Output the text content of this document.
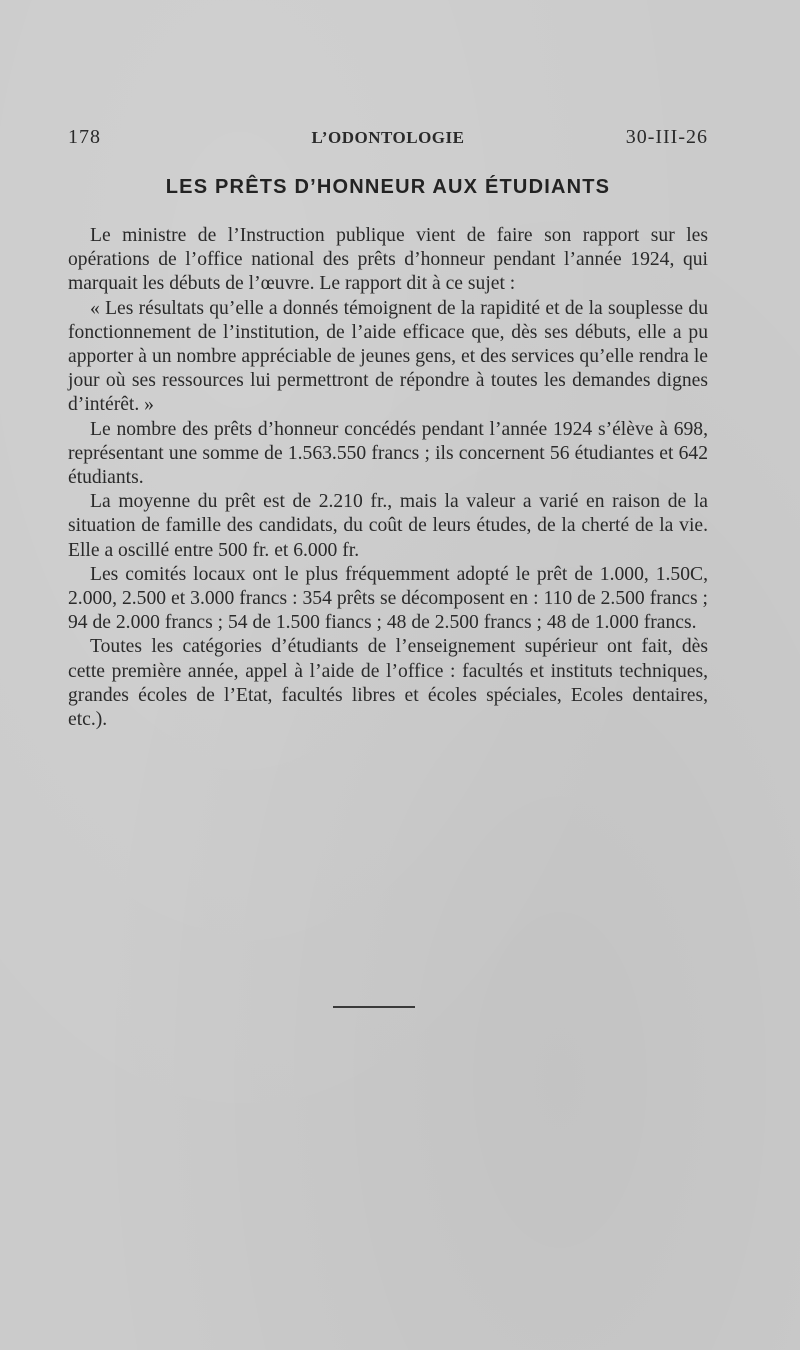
178	L’ODONTOLOGIE	30-III-26
LES PRÊTS D’HONNEUR AUX ÉTUDIANTS

Le ministre de l’Instruction publique vient de faire son rapport sur les opérations de l’office national des prêts d’honneur pendant l’année 1924, qui marquait les débuts de l’œuvre. Le rapport dit à ce sujet :

« Les résultats qu’elle a donnés témoignent de la rapidité et de la souplesse du fonctionnement de l’institution, de l’aide efficace que, dès ses débuts, elle a pu apporter à un nombre appréciable de jeunes gens, et des services qu’elle rendra le jour où ses ressources lui permettront de répondre à toutes les demandes dignes d’intérêt. »

Le nombre des prêts d’honneur concédés pendant l’année 1924 s’élève à 698, représentant une somme de 1.563.550 francs ; ils concernent 56 étudiantes et 642 étudiants.

La moyenne du prêt est de 2.210 fr., mais la valeur a varié en raison de la situation de famille des candidats, du coût de leurs études, de la cherté de la vie. Elle a oscillé entre 500 fr. et 6.000 fr.

Les comités locaux ont le plus fréquemment adopté le prêt de 1.000, 1.50C, 2.000, 2.500 et 3.000 francs : 354 prêts se décomposent en : 110 de 2.500 francs ; 94 de 2.000 francs ; 54 de 1.500 fiancs ; 48 de 2.500 francs ; 48 de 1.000 francs.

Toutes les catégories d’étudiants de l’enseignement supérieur ont fait, dès cette première année, appel à l’aide de l’office : facultés et instituts techniques, grandes écoles de l’Etat, facultés libres et écoles spéciales, Ecoles dentaires, etc.).
